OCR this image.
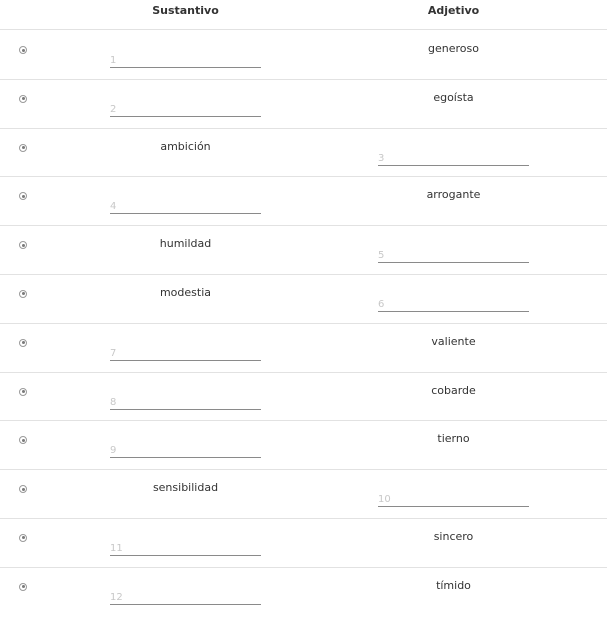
Sustantivo	Adjetivo
1
generoso
2
egoísta
ambición
3
4
arrogante
humildad
5
modestia
6
7
valiente
8
cobarde
9
tierno
sensibilidad
10
11
sincero
12
tímido
